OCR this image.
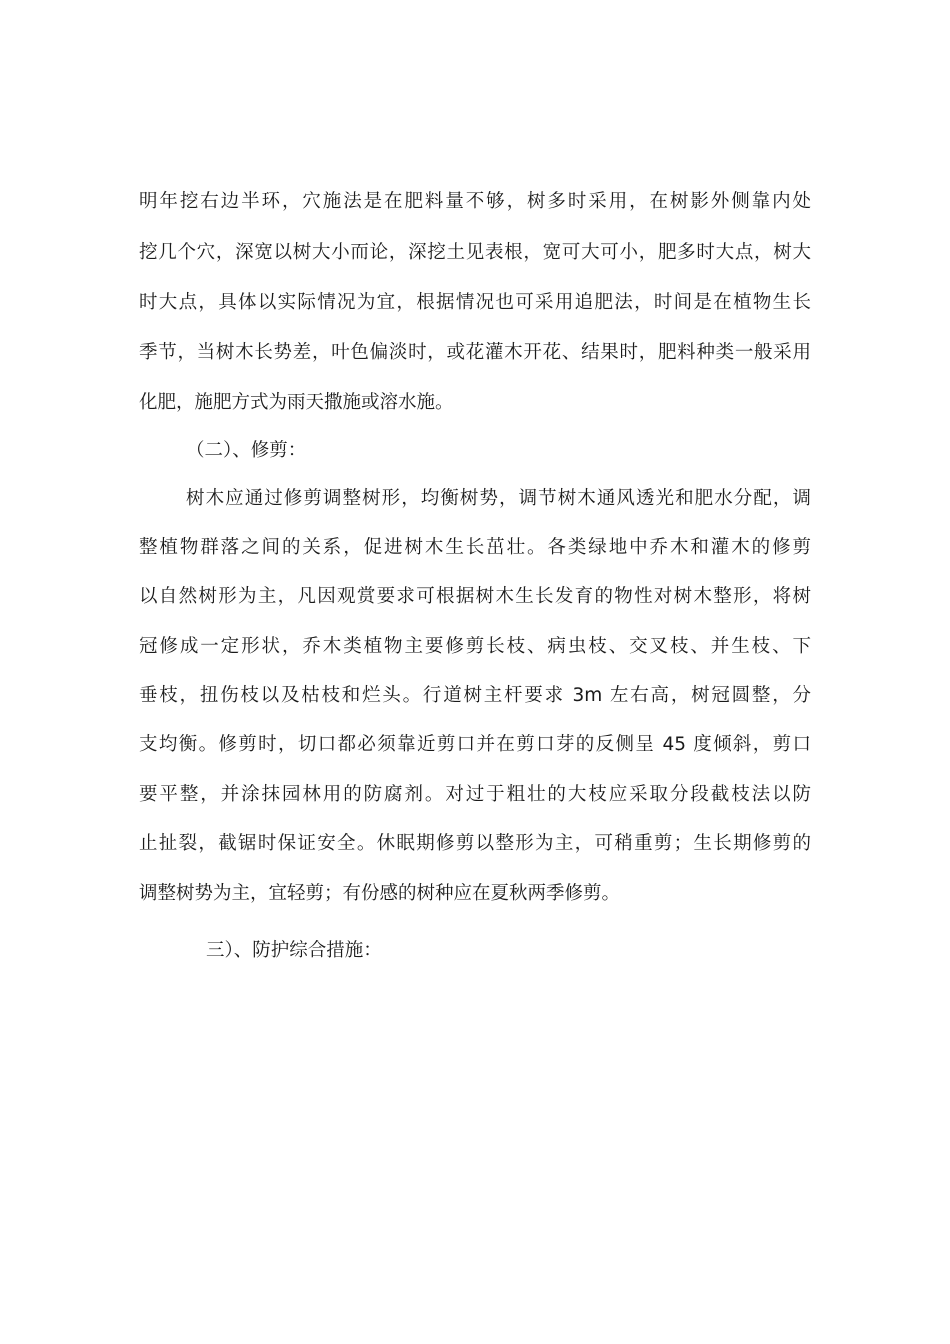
明年挖右边半环，穴施法是在肥料量不够，树多时采用，在树影外侧靠内处
挖几个穴，深宽以树大小而论，深挖土见表根，宽可大可小，肥多时大点，树大
时大点，具体以实际情况为宜，根据情况也可采用追肥法，时间是在植物生长
季节，当树木长势差，叶色偏淡时，或花灌木开花、结果时，肥料种类一般采用
化肥，施肥方式为雨天撒施或溶水施。
（二）、修剪：
树木应通过修剪调整树形，均衡树势，调节树木通风透光和肥水分配，调
整植物群落之间的关系，促进树木生长茁壮。各类绿地中乔木和灌木的修剪
以自然树形为主，凡因观赏要求可根据树木生长发育的物性对树木整形，将树
冠修成一定形状，乔木类植物主要修剪长枝、病虫枝、交叉枝、并生枝、下
垂枝，扭伤枝以及枯枝和烂头。行道树主杆要求 3m 左右高，树冠圆整，分
支均衡。修剪时，切口都必须靠近剪口并在剪口芽的反侧呈 45 度倾斜，剪口
要平整，并涂抹园林用的防腐剂。对过于粗壮的大枝应采取分段截枝法以防
止扯裂，截锯时保证安全。休眠期修剪以整形为主，可稍重剪；生长期修剪的
调整树势为主，宜轻剪；有份感的树种应在夏秋两季修剪。
三）、防护综合措施：
